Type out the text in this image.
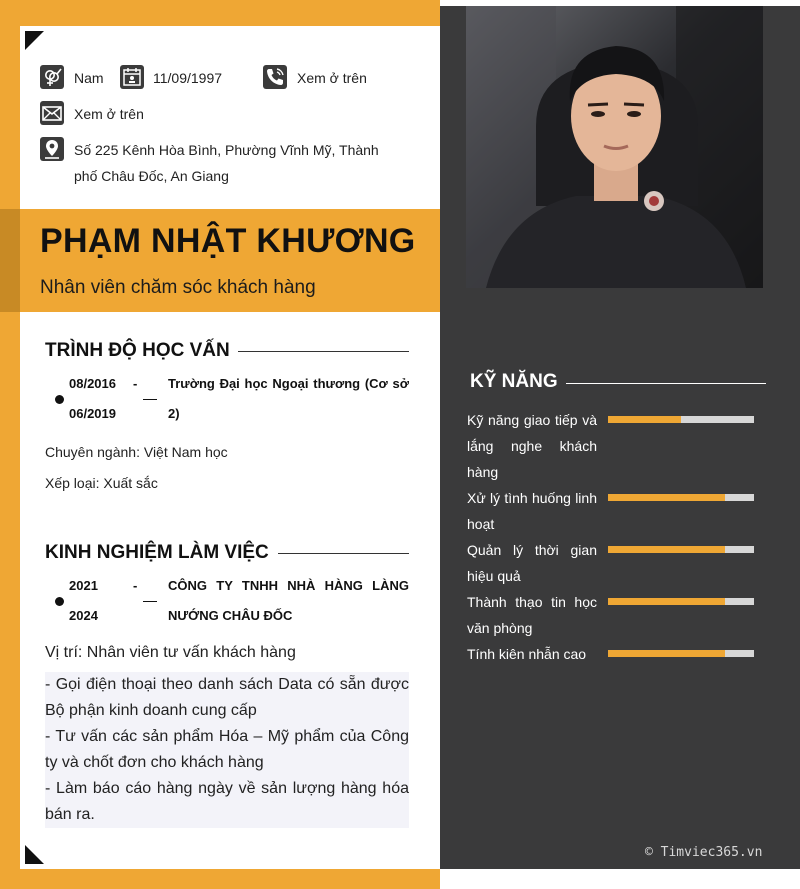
Nam	11/09/1997	Xem ở trên
Xem ở trên
Số 225 Kênh Hòa Bình, Phường Vĩnh Mỹ, Thành
phố Châu Đốc, An Giang
PHẠM NHẬT KHƯƠNG
Nhân viên chăm sóc khách hàng
TRÌNH ĐỘ HỌC VẤN
08/2016 -
06/2019
Trường Đại học Ngoại thương (Cơ sở 2)
Chuyên ngành: Việt Nam học
Xếp loại: Xuất sắc
KINH NGHIỆM LÀM VIỆC
2021	-
2024
CÔNG TY TNHH NHÀ HÀNG LÀNG NƯỚNG CHÂU ĐỐC
Vị trí: Nhân viên tư vấn khách hàng
- Gọi điện thoại theo danh sách Data có sẵn được Bộ phận kinh doanh cung cấp
- Tư vấn các sản phẩm Hóa – Mỹ phẩm của Công ty và chốt đơn cho khách hàng
- Làm báo cáo hàng ngày về sản lượng hàng hóa bán ra.
KỸ NĂNG
Kỹ năng giao tiếp và lắng nghe khách hàng
Xử lý tình huống linh hoạt
Quản lý thời gian hiệu quả
Thành thạo tin học văn phòng
Tính kiên nhẫn cao
© Timviec365.vn
